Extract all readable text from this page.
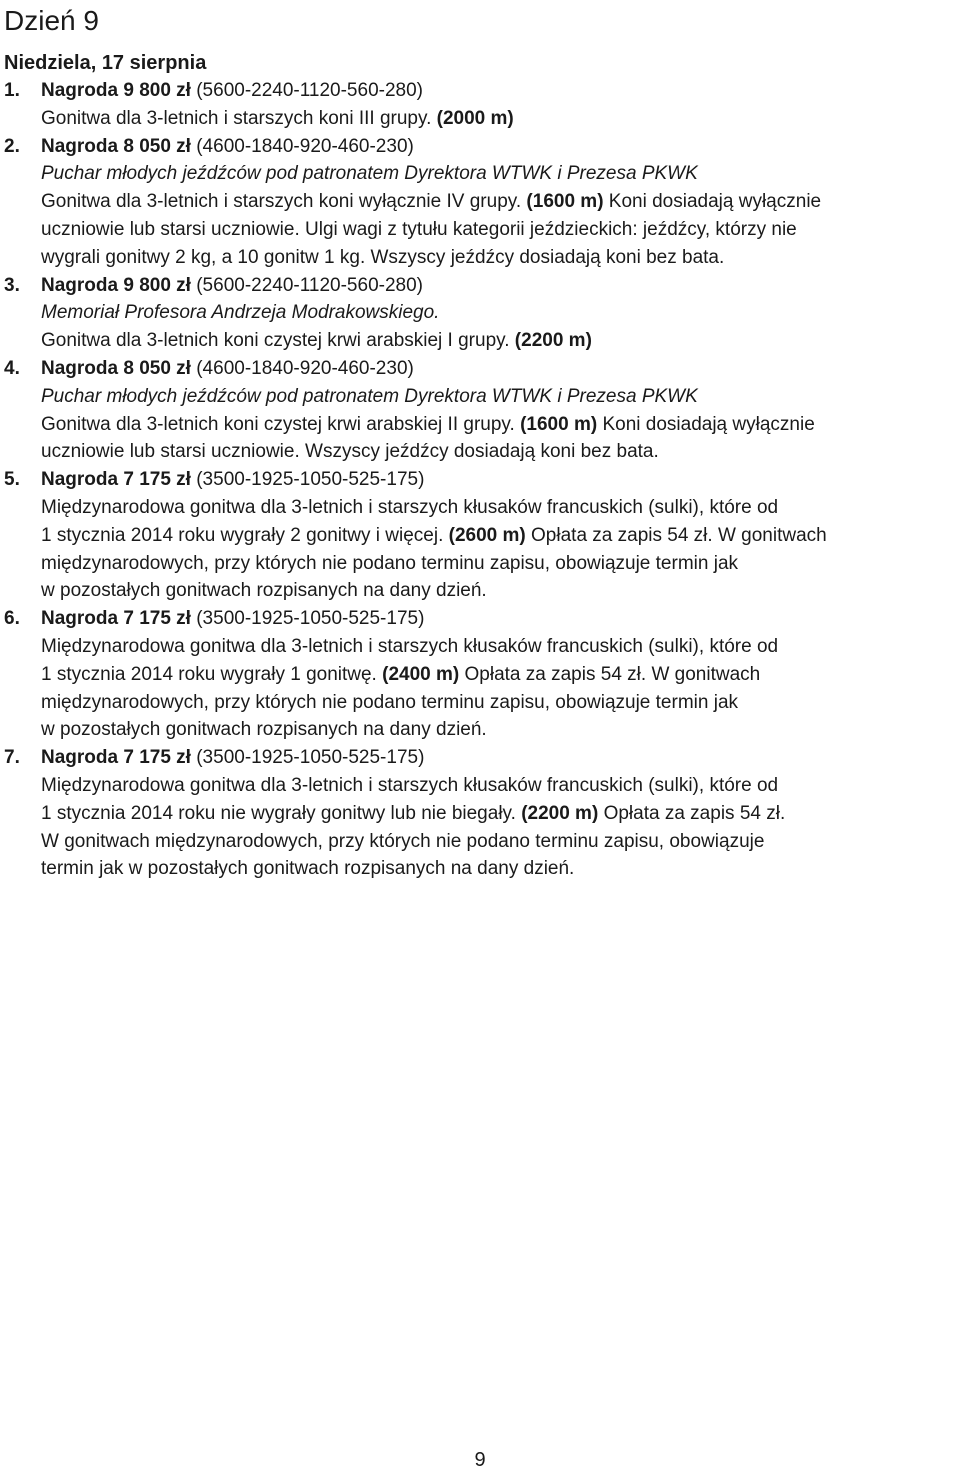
Dzień 9
Niedziela, 17 sierpnia
1. Nagroda 9 800 zł (5600-2240-1120-560-280)
Gonitwa dla 3-letnich i starszych koni III grupy. (2000 m)
2. Nagroda 8 050 zł (4600-1840-920-460-230)
Puchar młodych jeźdźców pod patronatem Dyrektora WTWK i Prezesa PKWK
Gonitwa dla 3-letnich i starszych koni wyłącznie IV grupy. (1600 m) Koni dosiadają wyłącznie
uczniowie lub starsi uczniowie. Ulgi wagi z tytułu kategorii jeździeckich: jeźdźcy, którzy nie
wygrali gonitwy 2 kg, a 10 gonitw 1 kg. Wszyscy jeźdźcy dosiadają koni bez bata.
3. Nagroda 9 800 zł (5600-2240-1120-560-280)
Memoriał Profesora Andrzeja Modrakowskiego.
Gonitwa dla 3-letnich koni czystej krwi arabskiej I grupy. (2200 m)
4. Nagroda 8 050 zł (4600-1840-920-460-230)
Puchar młodych jeźdźców pod patronatem Dyrektora WTWK i Prezesa PKWK
Gonitwa dla 3-letnich koni czystej krwi arabskiej II grupy. (1600 m) Koni dosiadają wyłącznie
uczniowie lub starsi uczniowie. Wszyscy jeźdźcy dosiadają koni bez bata.
5. Nagroda 7 175 zł (3500-1925-1050-525-175)
Międzynarodowa gonitwa dla 3-letnich i starszych kłusaków francuskich (sulki), które od
1 stycznia 2014 roku wygrały 2 gonitwy i więcej. (2600 m) Opłata za zapis 54 zł. W gonitwach
międzynarodowych, przy których nie podano terminu zapisu, obowiązuje termin jak
w pozostałych gonitwach rozpisanych na dany dzień.
6. Nagroda 7 175 zł (3500-1925-1050-525-175)
Międzynarodowa gonitwa dla 3-letnich i starszych kłusaków francuskich (sulki), które od
1 stycznia 2014 roku wygrały 1 gonitwę. (2400 m) Opłata za zapis 54 zł. W gonitwach
międzynarodowych, przy których nie podano terminu zapisu, obowiązuje termin jak
w pozostałych gonitwach rozpisanych na dany dzień.
7. Nagroda 7 175 zł (3500-1925-1050-525-175)
Międzynarodowa gonitwa dla 3-letnich i starszych kłusaków francuskich (sulki), które od
1 stycznia 2014 roku nie wygrały gonitwy lub nie biegały. (2200 m) Opłata za zapis 54 zł.
W gonitwach międzynarodowych, przy których nie podano terminu zapisu, obowiązuje
termin jak w pozostałych gonitwach rozpisanych na dany dzień.
9
